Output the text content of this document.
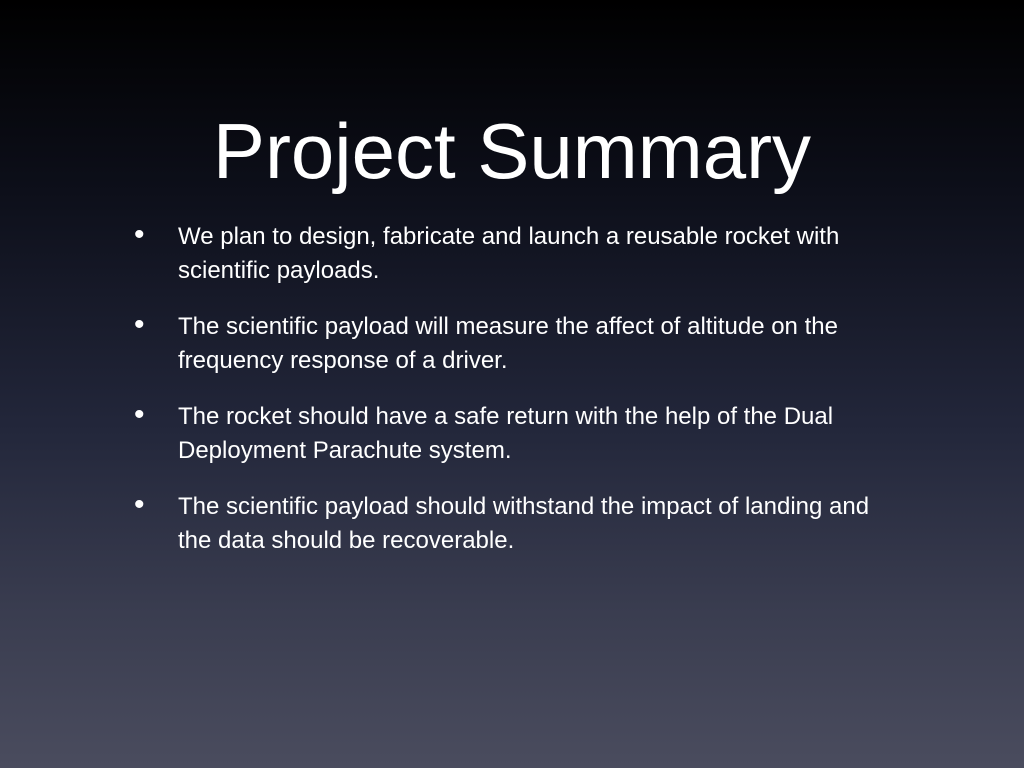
Project Summary
• We plan to design, fabricate and launch a reusable rocket with scientific payloads.
• The scientific payload will measure the affect of altitude on the frequency response of a driver.
• The rocket should have a safe return with the help of the Dual Deployment Parachute system.
• The scientific payload should withstand the impact of landing and the data should be recoverable.
